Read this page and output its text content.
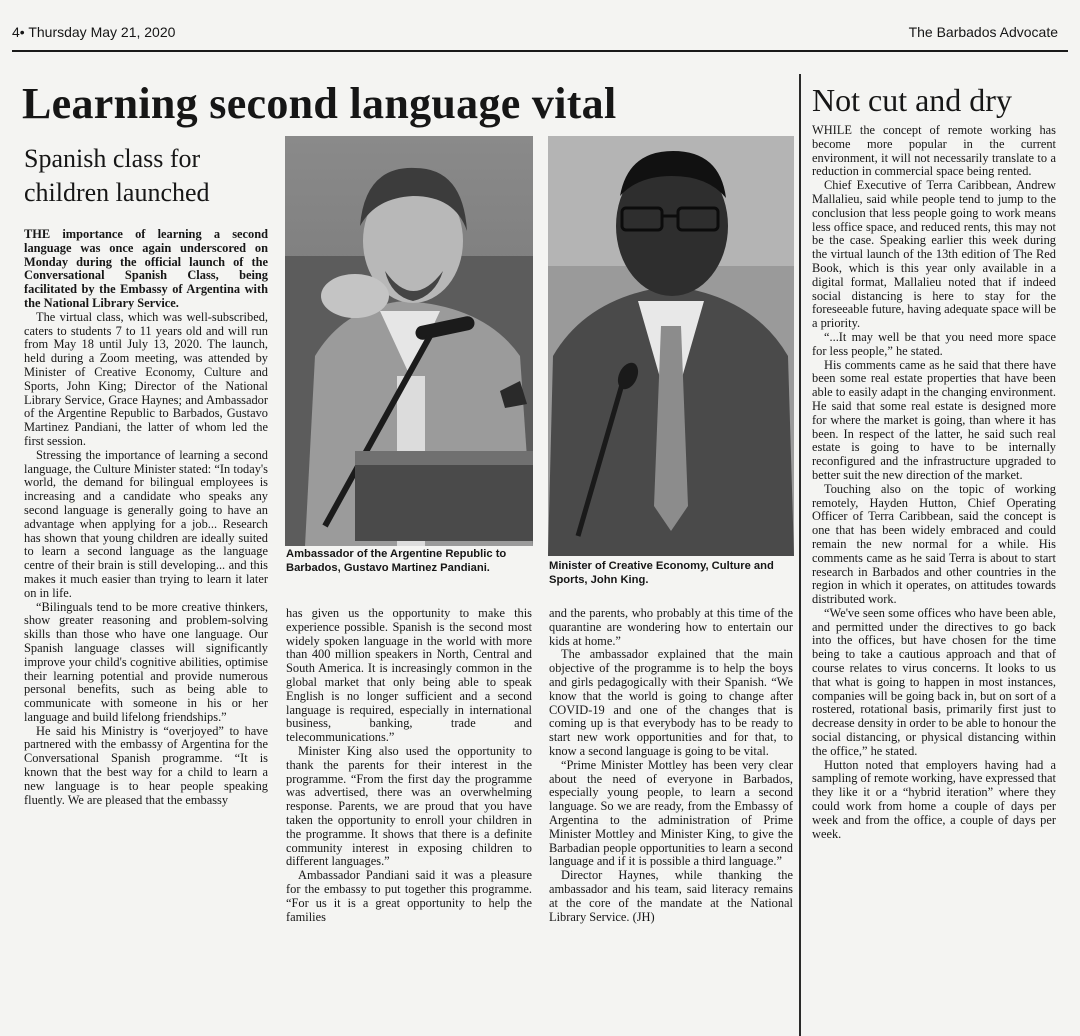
4• Thursday May 21, 2020	The Barbados Advocate
Learning second language vital
Spanish class for children launched

THE importance of learning a second language was once again underscored on Monday during the official launch of the Conversational Spanish Class, being facilitated by the Embassy of Argentina with the National Library Service.

The virtual class, which was well-subscribed, caters to students 7 to 11 years old and will run from May 18 until July 13, 2020. The launch, held during a Zoom meeting, was attended by Minister of Creative Economy, Culture and Sports, John King; Director of the National Library Service, Grace Haynes; and Ambassador of the Argentine Republic to Barbados, Gustavo Martinez Pandiani, the latter of whom led the first session.

Stressing the importance of learning a second language, the Culture Minister stated: “In today's world, the demand for bilingual employees is increasing and a candidate who speaks any second language is generally going to have an advantage when applying for a job... Research has shown that young children are ideally suited to learn a second language as the language centre of their brain is still developing... and this makes it much easier than trying to learn it later on in life.

“Bilinguals tend to be more creative thinkers, show greater reasoning and problem-solving skills than those who have one language. Our Spanish language classes will significantly improve your child's cognitive abilities, optimise their learning potential and provide numerous personal benefits, such as being able to communicate with someone in his or her language and build lifelong friendships.”

He said his Ministry is “overjoyed” to have partnered with the embassy of Argentina for the Conversational Spanish programme. “It is known that the best way for a child to learn a new language is to hear people speaking fluently. We are pleased that the embassy

Ambassador of the Argentine Republic to Barbados, Gustavo Martinez Pandiani.	Minister of Creative Economy, Culture and Sports, John King.

has given us the opportunity to make this experience possible. Spanish is the second most widely spoken language in the world with more than 400 million speakers in North, Central and South America. It is increasingly common in the global market that only being able to speak English is no longer sufficient and a second language is required, especially in international business, banking, trade and telecommunications.”

Minister King also used the opportunity to thank the parents for their interest in the programme. “From the first day the programme was advertised, there was an overwhelming response. Parents, we are proud that you have taken the opportunity to enroll your children in the programme. It shows that there is a definite community interest in exposing children to different languages.”

Ambassador Pandiani said it was a pleasure for the embassy to put together this programme. “For us it is a great opportunity to help the families

and the parents, who probably at this time of the quarantine are wondering how to entertain our kids at home.”

The ambassador explained that the main objective of the programme is to help the boys and girls pedagogically with their Spanish. “We know that the world is going to change after COVID-19 and one of the changes that is coming up is that everybody has to be ready to start new work opportunities and for that, to know a second language is going to be vital.

“Prime Minister Mottley has been very clear about the need of everyone in Barbados, especially young people, to learn a second language. So we are ready, from the Embassy of Argentina to the administration of Prime Minister Mottley and Minister King, to give the Barbadian people opportunities to learn a second language and if it is possible a third language.”

Director Haynes, while thanking the ambassador and his team, said literacy remains at the core of the mandate at the National Library Service. (JH)

Not cut and dry

WHILE the concept of remote working has become more popular in the current environment, it will not necessarily translate to a reduction in commercial space being rented.

Chief Executive of Terra Caribbean, Andrew Mallalieu, said while people tend to jump to the conclusion that less people going to work means less office space, and reduced rents, this may not be the case. Speaking earlier this week during the virtual launch of the 13th edition of The Red Book, which is this year only available in a digital format, Mallalieu noted that if indeed social distancing is here to stay for the foreseeable future, having adequate space will be a priority.

“...It may well be that you need more space for less people,” he stated.

His comments came as he said that there have been some real estate properties that have been able to easily adapt in the changing environment. He said that some real estate is designed more for where the market is going, than where it has been. In respect of the latter, he said such real estate is going to have to be internally reconfigured and the infrastructure upgraded to better suit the new direction of the market.

Touching also on the topic of working remotely, Hayden Hutton, Chief Operating Officer of Terra Caribbean, said the concept is one that has been widely embraced and could remain the new normal for a while. His comments came as he said Terra is about to start research in Barbados and other countries in the region in which it operates, on attitudes towards distributed work.

“We've seen some offices who have been able, and permitted under the directives to go back into the offices, but have chosen for the time being to take a cautious approach and that of course relates to virus concerns. It looks to us that what is going to happen in most instances, companies will be going back in, but on sort of a rostered, rotational basis, primarily first just to decrease density in order to be able to honour the social distancing, or physical distancing within the office,” he stated.

Hutton noted that employers having had a sampling of remote working, have expressed that they like it or a “hybrid iteration” where they could work from home a couple of days per week and from the office, a couple of days per week.
